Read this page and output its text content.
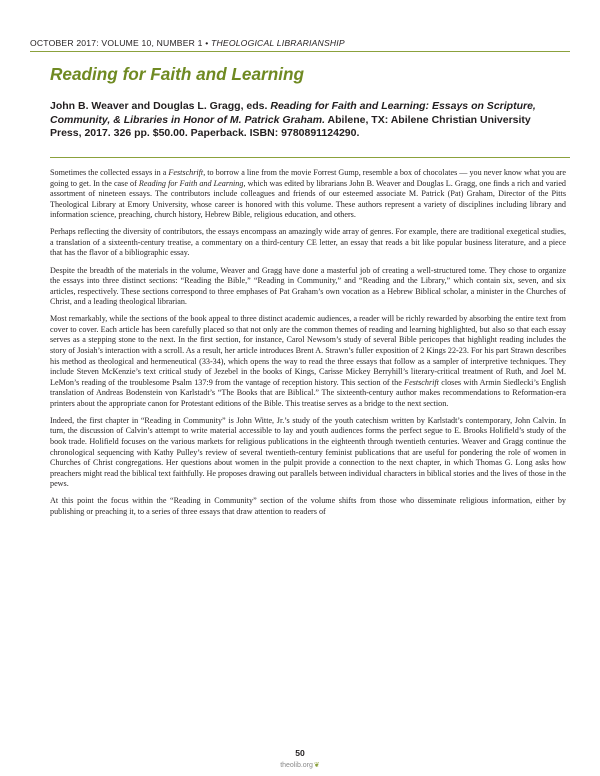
OCTOBER 2017: VOLUME 10, NUMBER 1 • THEOLOGICAL LIBRARIANSHIP
Reading for Faith and Learning

John B. Weaver and Douglas L. Gragg, eds. Reading for Faith and Learning: Essays on Scripture, Community, & Libraries in Honor of M. Patrick Graham. Abilene, TX: Abilene Christian University Press, 2017. 326 pp. $50.00. Paperback. ISBN: 9780891124290.

Sometimes the collected essays in a Festschrift, to borrow a line from the movie Forrest Gump, resemble a box of chocolates — you never know what you are going to get. In the case of Reading for Faith and Learning, which was edited by librarians John B. Weaver and Douglas L. Gragg, one finds a rich and varied assortment of nineteen essays. The contributors include colleagues and friends of our esteemed associate M. Patrick (Pat) Graham, Director of the Pitts Theological Library at Emory University, whose career is honored with this volume. These authors represent a variety of disciplines including library and information science, preaching, church history, Hebrew Bible, religious education, and others.

Perhaps reflecting the diversity of contributors, the essays encompass an amazingly wide array of genres. For example, there are traditional exegetical studies, a translation of a sixteenth-century treatise, a commentary on a third-century CE letter, an essay that reads a bit like popular business literature, and a piece that has the flavor of a bibliographic essay.

Despite the breadth of the materials in the volume, Weaver and Gragg have done a masterful job of creating a well-structured tome. They chose to organize the essays into three distinct sections: “Reading the Bible,” “Reading in Community,” and “Reading and the Library,” which contain six, seven, and six articles, respectively. These sections correspond to three emphases of Pat Graham’s own vocation as a Hebrew Biblical scholar, a minister in the Churches of Christ, and a leading theological librarian.

Most remarkably, while the sections of the book appeal to three distinct academic audiences, a reader will be richly rewarded by absorbing the entire text from cover to cover. Each article has been carefully placed so that not only are the common themes of reading and learning highlighted, but also so that each essay serves as a stepping stone to the next. In the first section, for instance, Carol Newsom’s study of several Bible pericopes that highlight reading includes the story of Josiah’s interaction with a scroll. As a result, her article introduces Brent A. Strawn’s fuller exposition of 2 Kings 22-23. For his part Strawn describes his method as theological and hermeneutical (33-34), which opens the way to read the three essays that follow as a sampler of interpretive techniques. They include Steven McKenzie’s text critical study of Jezebel in the books of Kings, Carisse Mickey Berryhill’s literary-critical treatment of Ruth, and Joel M. LeMon’s reading of the troublesome Psalm 137:9 from the vantage of reception history. This section of the Festschrift closes with Armin Siedlecki’s English translation of Andreas Bodenstein von Karlstadt’s “The Books that are Biblical.” The sixteenth-century author makes recommendations to Reformation-era printers about the appropriate canon for Protestant editions of the Bible. This treatise serves as a bridge to the next section.

Indeed, the first chapter in “Reading in Community” is John Witte, Jr.’s study of the youth catechism written by Karlstadt’s contemporary, John Calvin. In turn, the discussion of Calvin’s attempt to write material accessible to lay and youth audiences forms the perfect segue to E. Brooks Holifield’s study of the book trade. Holifield focuses on the various markets for religious publications in the eighteenth through twentieth centuries. Weaver and Gragg continue the chronological sequencing with Kathy Pulley’s review of several twentieth-century feminist publications that are useful for pondering the role of women in Churches of Christ congregations. Her questions about women in the pulpit provide a connection to the next chapter, in which Thomas G. Long asks how preachers might read the biblical text faithfully. He proposes drawing out parallels between individual characters in biblical stories and the lives of those in the pews.

At this point the focus within the “Reading in Community” section of the volume shifts from those who disseminate religious information, either by publishing or preaching it, to a series of three essays that draw attention to readers of

50
theolib.org❦
